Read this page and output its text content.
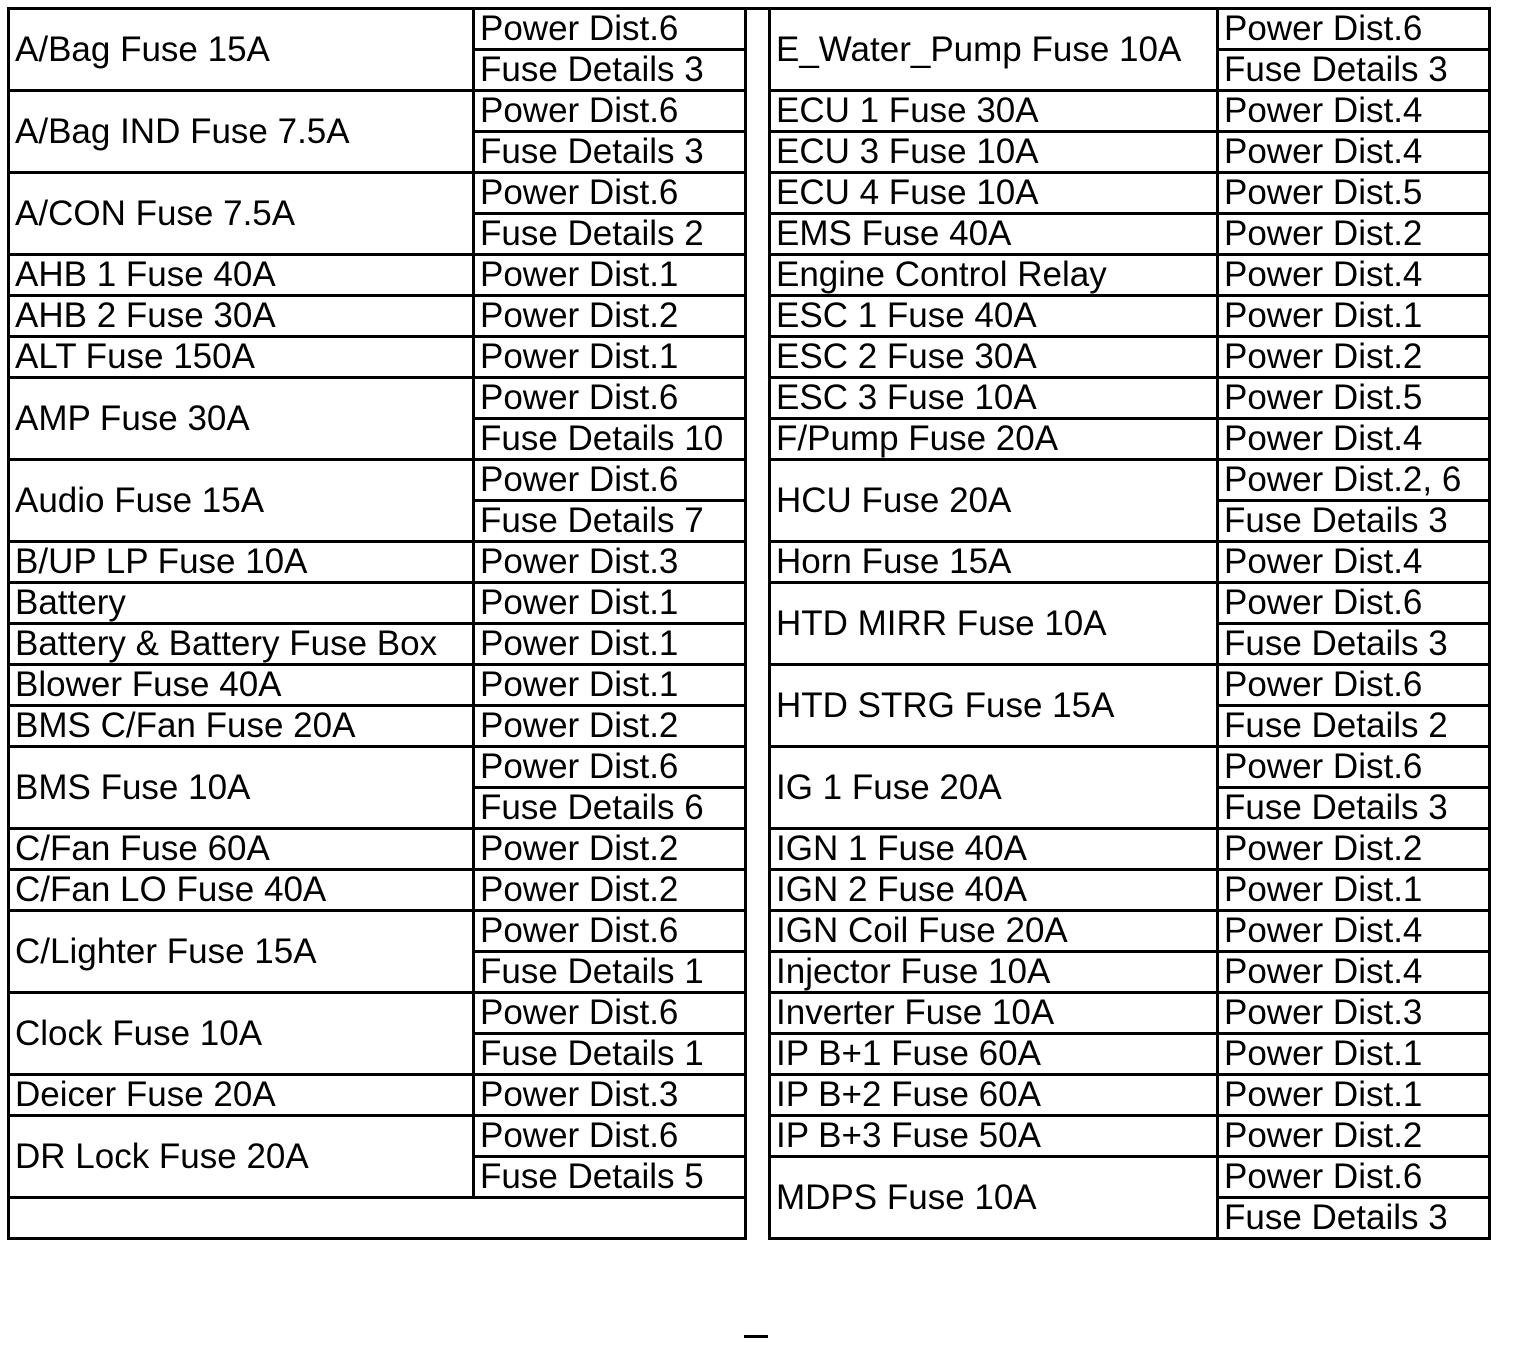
A/Bag Fuse 15A	Power Dist.6
	Fuse Details 3
A/Bag IND Fuse 7.5A	Power Dist.6
	Fuse Details 3
A/CON Fuse 7.5A	Power Dist.6
	Fuse Details 2
AHB 1 Fuse 40A	Power Dist.1
AHB 2 Fuse 30A	Power Dist.2
ALT Fuse 150A	Power Dist.1
AMP Fuse 30A	Power Dist.6
	Fuse Details 10
Audio Fuse 15A	Power Dist.6
	Fuse Details 7
B/UP LP Fuse 10A	Power Dist.3
Battery	Power Dist.1
Battery & Battery Fuse Box	Power Dist.1
Blower Fuse 40A	Power Dist.1
BMS C/Fan Fuse 20A	Power Dist.2
BMS Fuse 10A	Power Dist.6
	Fuse Details 6
C/Fan Fuse 60A	Power Dist.2
C/Fan LO Fuse 40A	Power Dist.2
C/Lighter Fuse 15A	Power Dist.6
	Fuse Details 1
Clock Fuse 10A	Power Dist.6
	Fuse Details 1
Deicer Fuse 20A	Power Dist.3
DR Lock Fuse 20A	Power Dist.6
	Fuse Details 5

E_Water_Pump Fuse 10A	Power Dist.6
	Fuse Details 3
ECU 1 Fuse 30A	Power Dist.4
ECU 3 Fuse 10A	Power Dist.4
ECU 4 Fuse 10A	Power Dist.5
EMS Fuse 40A	Power Dist.2
Engine Control Relay	Power Dist.4
ESC 1 Fuse 40A	Power Dist.1
ESC 2 Fuse 30A	Power Dist.2
ESC 3 Fuse 10A	Power Dist.5
F/Pump Fuse 20A	Power Dist.4
HCU Fuse 20A	Power Dist.2, 6
	Fuse Details 3
Horn Fuse 15A	Power Dist.4
HTD MIRR Fuse 10A	Power Dist.6
	Fuse Details 3
HTD STRG Fuse 15A	Power Dist.6
	Fuse Details 2
IG 1 Fuse 20A	Power Dist.6
	Fuse Details 3
IGN 1 Fuse 40A	Power Dist.2
IGN 2 Fuse 40A	Power Dist.1
IGN Coil Fuse 20A	Power Dist.4
Injector Fuse 10A	Power Dist.4
Inverter Fuse 10A	Power Dist.3
IP B+1 Fuse 60A	Power Dist.1
IP B+2 Fuse 60A	Power Dist.1
IP B+3 Fuse 50A	Power Dist.2
MDPS Fuse 10A	Power Dist.6
	Fuse Details 3
